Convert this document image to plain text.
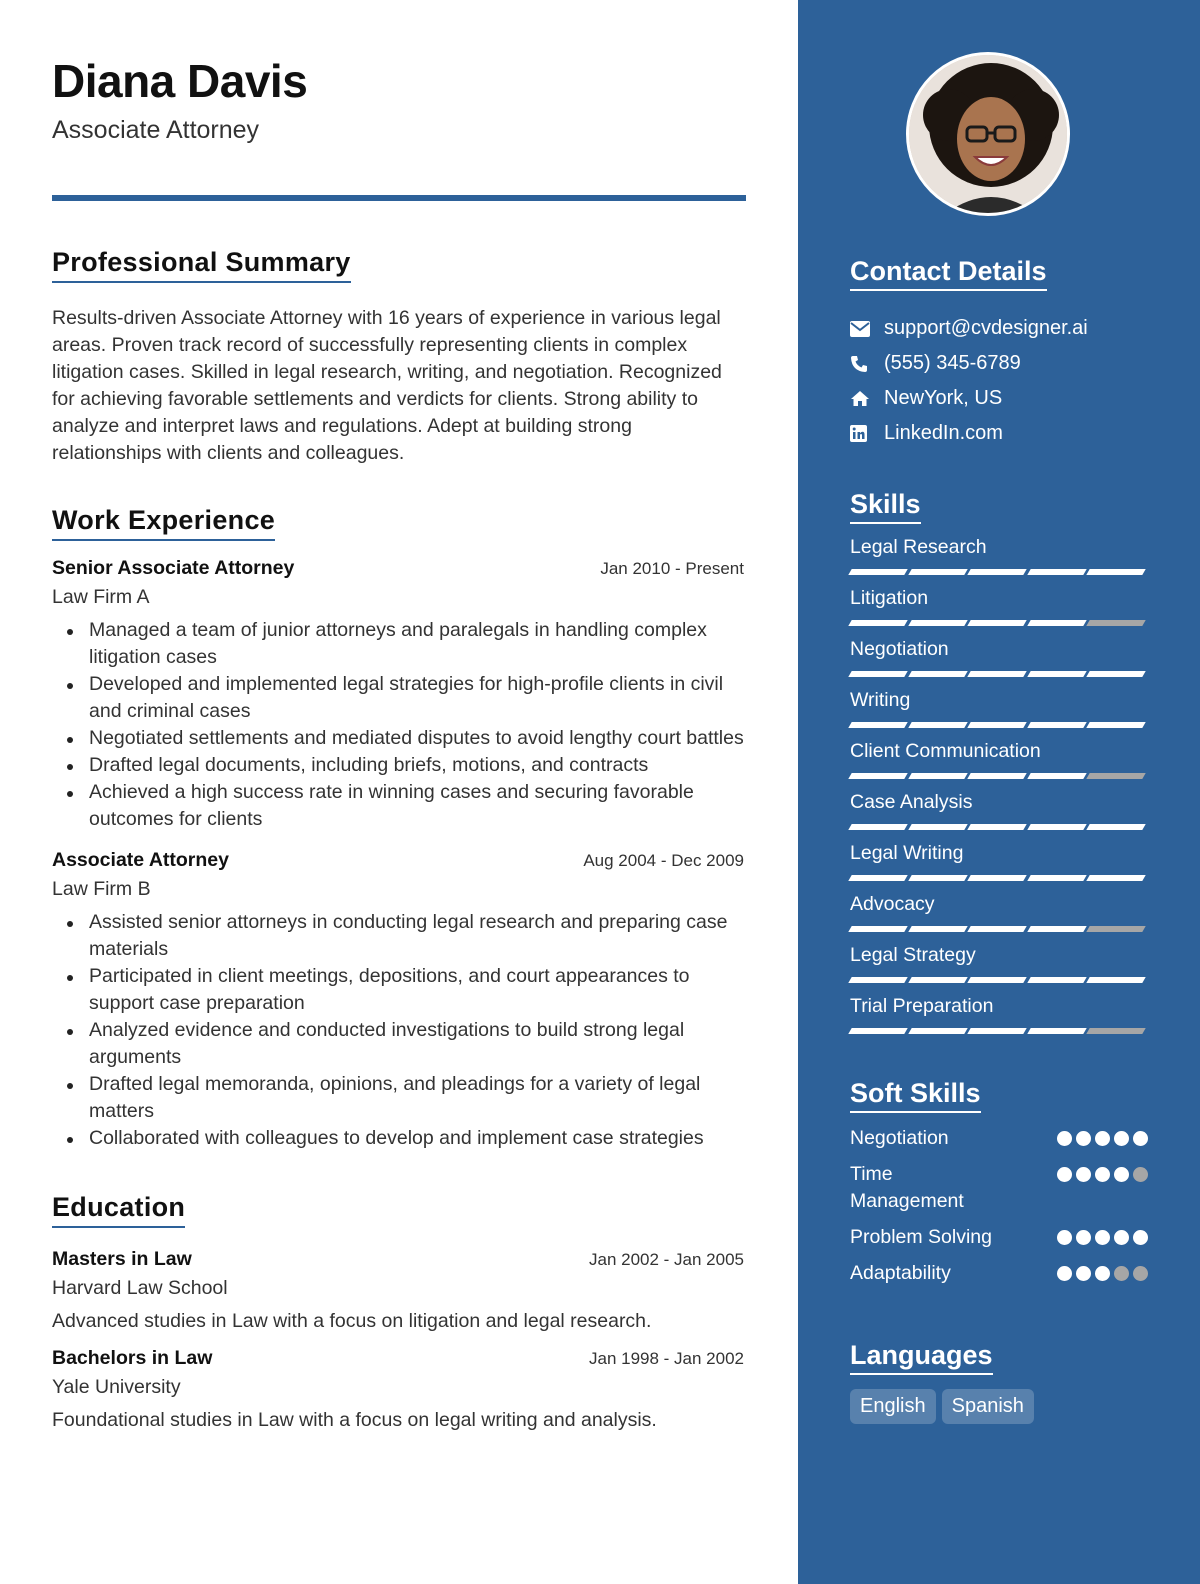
Diana Davis
Associate Attorney
Professional Summary

Results-driven Associate Attorney with 16 years of experience in various legal areas. Proven track record of successfully representing clients in complex litigation cases. Skilled in legal research, writing, and negotiation. Recognized for achieving favorable settlements and verdicts for clients. Strong ability to analyze and interpret laws and regulations. Adept at building strong relationships with clients and colleagues.

Work Experience
Senior Associate Attorney	Jan 2010 - Present
Law Firm A
Managed a team of junior attorneys and paralegals in handling complex litigation cases
Developed and implemented legal strategies for high-profile clients in civil and criminal cases
Negotiated settlements and mediated disputes to avoid lengthy court battles
Drafted legal documents, including briefs, motions, and contracts
Achieved a high success rate in winning cases and securing favorable outcomes for clients
Associate Attorney	Aug 2004 - Dec 2009
Law Firm B
Assisted senior attorneys in conducting legal research and preparing case materials
Participated in client meetings, depositions, and court appearances to support case preparation
Analyzed evidence and conducted investigations to build strong legal arguments
Drafted legal memoranda, opinions, and pleadings for a variety of legal matters
Collaborated with colleagues to develop and implement case strategies
Education
Masters in Law	Jan 2002 - Jan 2005
Harvard Law School
Advanced studies in Law with a focus on litigation and legal research.
Bachelors in Law	Jan 1998 - Jan 2002
Yale University
Foundational studies in Law with a focus on legal writing and analysis.
Contact Details
support@cvdesigner.ai
(555) 345-6789
NewYork, US
LinkedIn.com
Skills
Legal Research
Litigation
Negotiation
Writing
Client Communication
Case Analysis
Legal Writing
Advocacy
Legal Strategy
Trial Preparation
Soft Skills
Negotiation
Time Management
Problem Solving
Adaptability
Languages
English	Spanish
